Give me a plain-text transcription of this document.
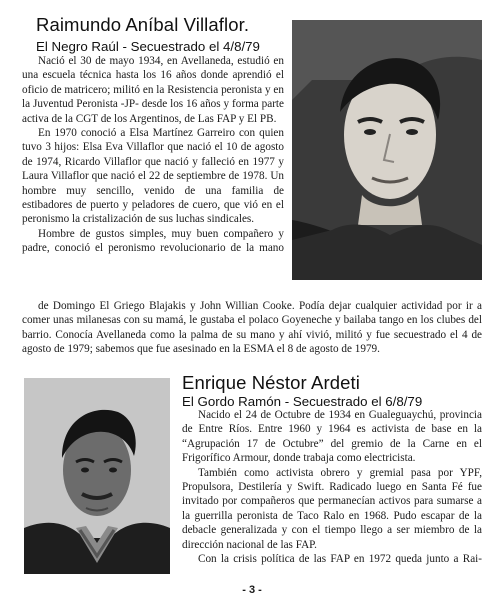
Raimundo Aníbal Villaflor.
El Negro Raúl - Secuestrado el 4/8/79

Nació el 30 de mayo 1934, en Avellaneda, estudió en una escuela técnica hasta los 16 años donde aprendió el oficio de matricero; militó en la Resistencia peronista y en la Juventud Peronista -JP- desde los 16 años y forma parte activa de la CGT de los Argentinos, de Las FAP y El PB.

En 1970 conoció a Elsa Martínez Garreiro con quien tuvo 3 hijos: Elsa Eva Villaflor que nació el 10 de agosto de 1974, Ricardo Villaflor que nació y falleció en 1977 y Laura Villaflor que nació el 22 de septiembre de 1978. Un hombre muy sencillo, venido de una familia de estibadores de puerto y peladores de cuero, que vió en el peronismo la cristalización de sus luchas sindicales.

Hombre de gustos simples, muy buen compañero y padre, conoció el peronismo revolucionario de la mano

de Domingo El Griego Blajakis y John Willian Cooke. Podía dejar cualquier actividad por ir a comer unas milanesas con su mamá, le gustaba el polaco Goyeneche y bailaba tango en los clubes del barrio. Conocía Avellaneda como la palma de su mano y ahí vivió, militó y fue secuestrado el 4 de agosto de 1979; sabemos que fue asesinado en la ESMA el 8 de agosto de 1979.

Enrique Néstor Ardeti
El Gordo Ramón - Secuestrado el 6/8/79

Nacido el 24 de Octubre de 1934 en Gualeguaychú, provincia de Entre Ríos. Entre 1960 y 1964 es activista de base en la “Agrupación 17 de Octubre” del gremio de la Carne en el Frigorífico Armour, donde trabaja como electricista.

También como activista obrero y gremial pasa por YPF, Propulsora, Destilería y Swift. Radicado luego en Santa Fé fue invitado por compañeros que permanecían activos para sumarse a la guerrilla peronista de Taco Ralo en 1968. Pudo escapar de la debacle generalizada y con el tiempo llego a ser miembro de la dirección nacional de las FAP.

Con la crisis política de las FAP en 1972 queda junto a Rai-

- 3 -
